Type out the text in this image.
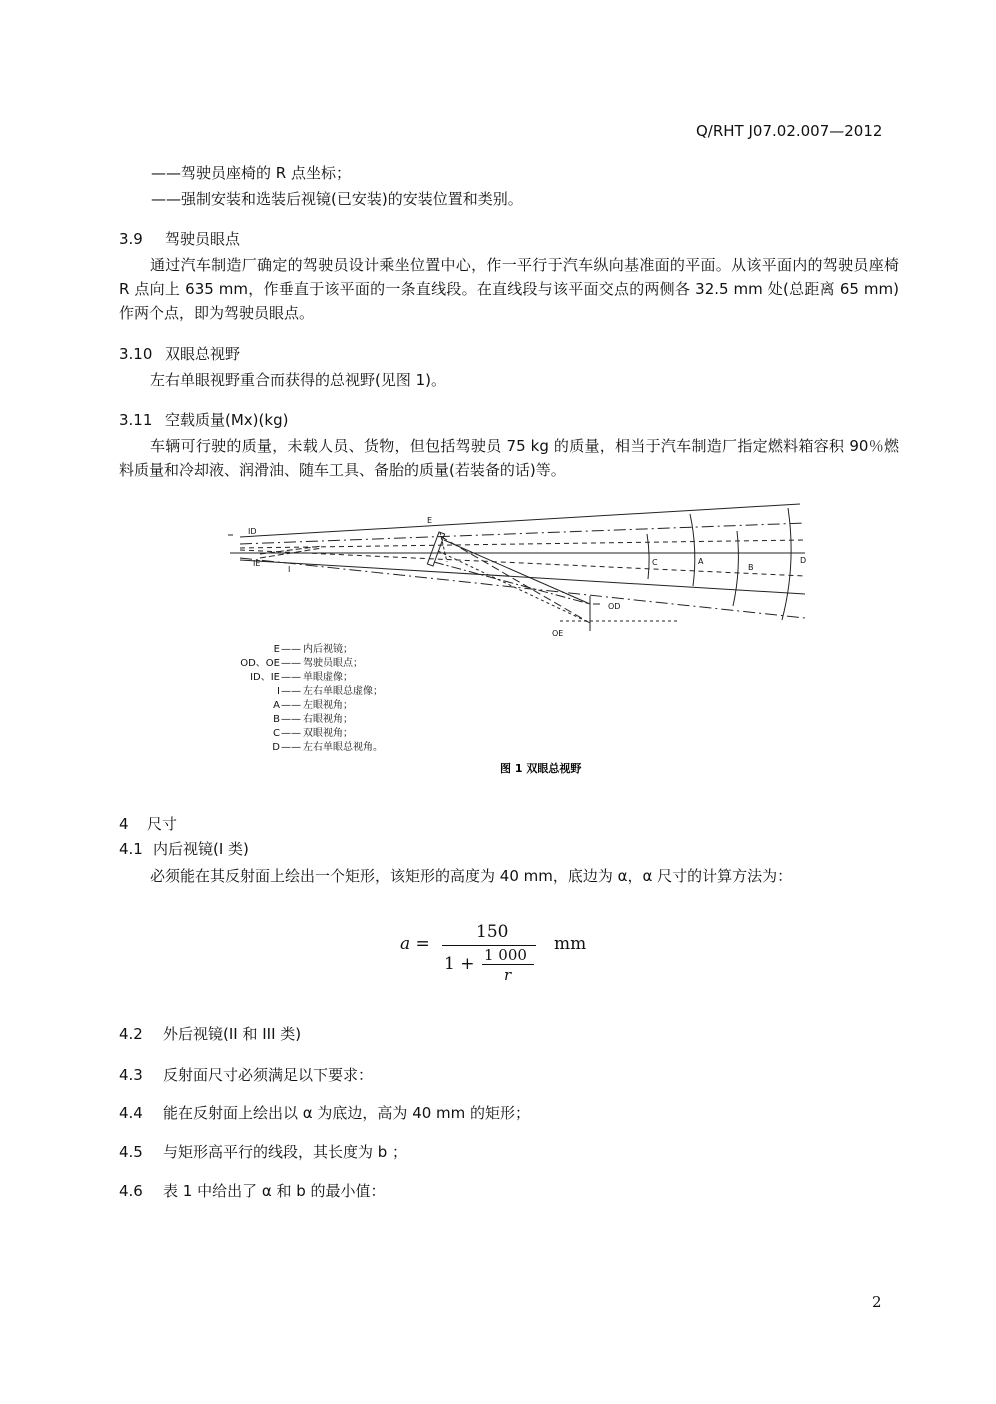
Q/RHT J07.02.007—2012
——驾驶员座椅的 R 点坐标；
——强制安装和选装后视镜(已安装)的安装位置和类别。
3.9 驾驶员眼点
通过汽车制造厂确定的驾驶员设计乘坐位置中心，作一平行于汽车纵向基准面的平面。从该平面内的驾驶员座椅 R 点向上 635 mm，作垂直于该平面的一条直线段。在直线段与该平面交点的两侧各 32.5 mm 处(总距离 65 mm)作两个点，即为驾驶员眼点。
3.10 双眼总视野
左右单眼视野重合而获得的总视野(见图 1)。
3.11 空载质量(Mx)(kg)
车辆可行驶的质量，未载人员、货物，但包括驾驶员 75 kg 的质量，相当于汽车制造厂指定燃料箱容积 90％燃料质量和冷却液、润滑油、随车工具、备胎的质量(若装备的话)等。
ID
IE
I
E
A
B
C	D
OD
OE
E —— 内后视镜；
OD、OE —— 驾驶员眼点；
ID、IE —— 单眼虚像；
I —— 左右单眼总虚像；
A —— 左眼视角；
B —— 右眼视角；
C —— 双眼视角；
D —— 左右单眼总视角。
图 1 双眼总视野
4 尺寸
4.1 内后视镜(I 类)
必须能在其反射面上绘出一个矩形，该矩形的高度为 40 mm，底边为 α，α 尺寸的计算方法为：
a =
150
1 + 1 000
r
mm
4.2 外后视镜(II 和 III 类)
4.3 反射面尺寸必须满足以下要求：
4.4 能在反射面上绘出以 α 为底边，高为 40 mm 的矩形；
4.5 与矩形高平行的线段，其长度为 b ；
4.6 表 1 中给出了 α 和 b 的最小值：
2
